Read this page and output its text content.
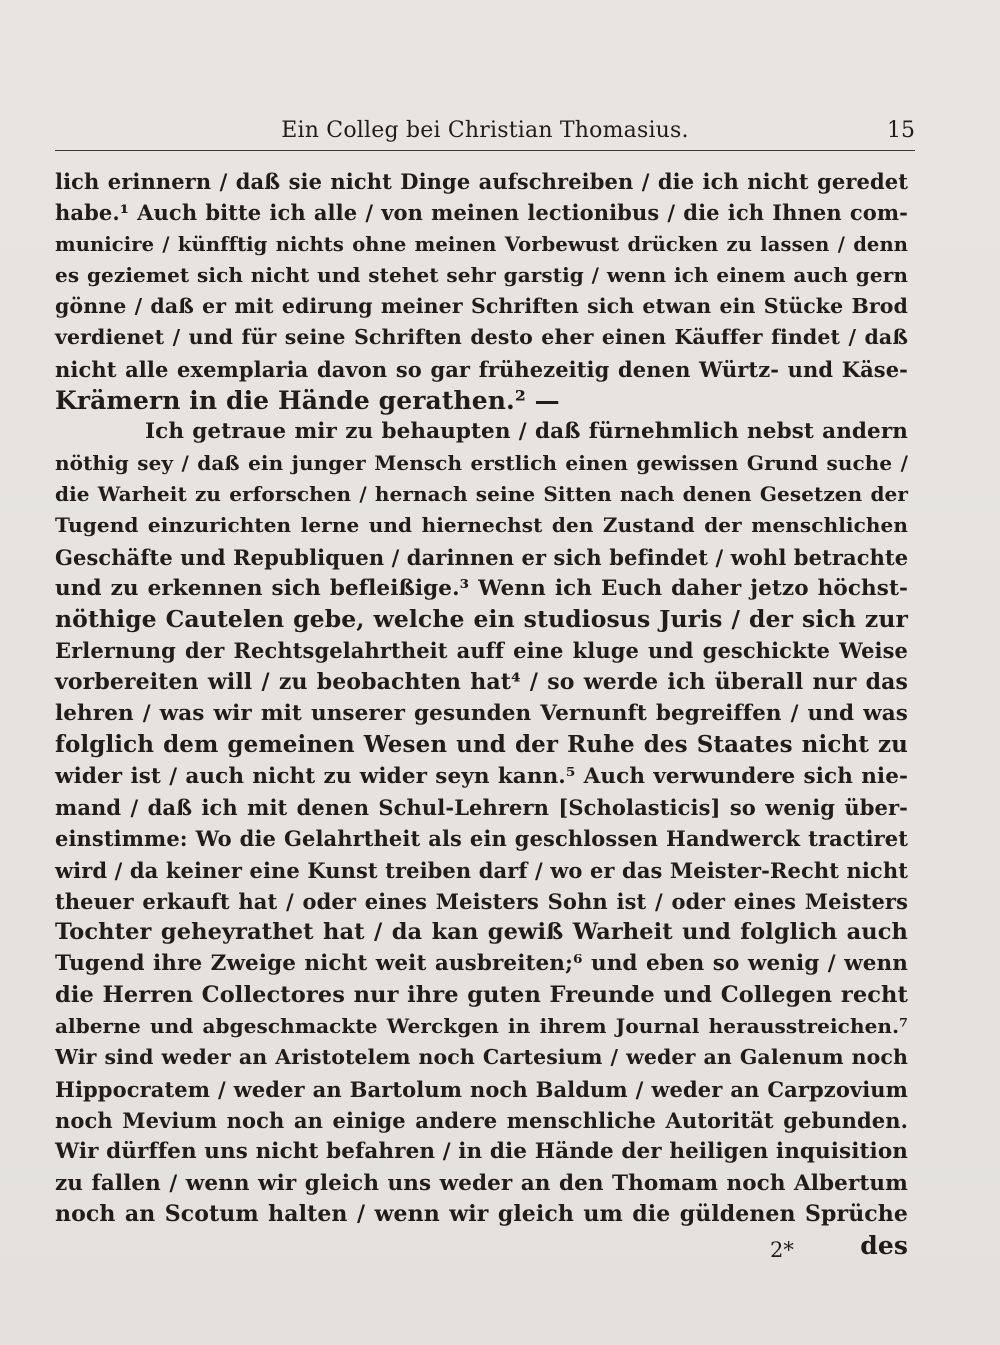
Ein Colleg bei Christian Thomasius.	15
lich erinnern / daß sie nicht Dinge aufschreiben / die ich nicht geredet
habe.¹ Auch bitte ich alle / von meinen lectionibus / die ich Ihnen com-
municire / künfftig nichts ohne meinen Vorbewust drücken zu lassen / denn
es geziemet sich nicht und stehet sehr garstig / wenn ich einem auch gern
gönne / daß er mit edirung meiner Schriften sich etwan ein Stücke Brod
verdienet / und für seine Schriften desto eher einen Käuffer findet / daß
nicht alle exemplaria davon so gar frühezeitig denen Würtz- und Käse-
Krämern in die Hände gerathen.² —
Ich getraue mir zu behaupten / daß fürnehmlich nebst andern
nöthig sey / daß ein junger Mensch erstlich einen gewissen Grund suche /
die Warheit zu erforschen / hernach seine Sitten nach denen Gesetzen der
Tugend einzurichten lerne und hiernechst den Zustand der menschlichen
Geschäfte und Republiquen / darinnen er sich befindet / wohl betrachte
und zu erkennen sich befleißige.³ Wenn ich Euch daher jetzo höchst-
nöthige Cautelen gebe, welche ein studiosus Juris / der sich zur
Erlernung der Rechtsgelahrtheit auff eine kluge und geschickte Weise
vorbereiten will / zu beobachten hat⁴ / so werde ich überall nur das
lehren / was wir mit unserer gesunden Vernunft begreiffen / und was
folglich dem gemeinen Wesen und der Ruhe des Staates nicht zu
wider ist / auch nicht zu wider seyn kann.⁵ Auch verwundere sich nie-
mand / daß ich mit denen Schul-Lehrern [Scholasticis] so wenig über-
einstimme: Wo die Gelahrtheit als ein geschlossen Handwerck tractiret
wird / da keiner eine Kunst treiben darf / wo er das Meister-Recht nicht
theuer erkauft hat / oder eines Meisters Sohn ist / oder eines Meisters
Tochter geheyrathet hat / da kan gewiß Warheit und folglich auch
Tugend ihre Zweige nicht weit ausbreiten;⁶ und eben so wenig / wenn
die Herren Collectores nur ihre guten Freunde und Collegen recht
alberne und abgeschmackte Werckgen in ihrem Journal herausstreichen.⁷
Wir sind weder an Aristotelem noch Cartesium / weder an Galenum noch
Hippocratem / weder an Bartolum noch Baldum / weder an Carpzovium
noch Mevium noch an einige andere menschliche Autorität gebunden.
Wir dürffen uns nicht befahren / in die Hände der heiligen inquisition
zu fallen / wenn wir gleich uns weder an den Thomam noch Albertum
noch an Scotum halten / wenn wir gleich um die güldenen Sprüche
des
2*
